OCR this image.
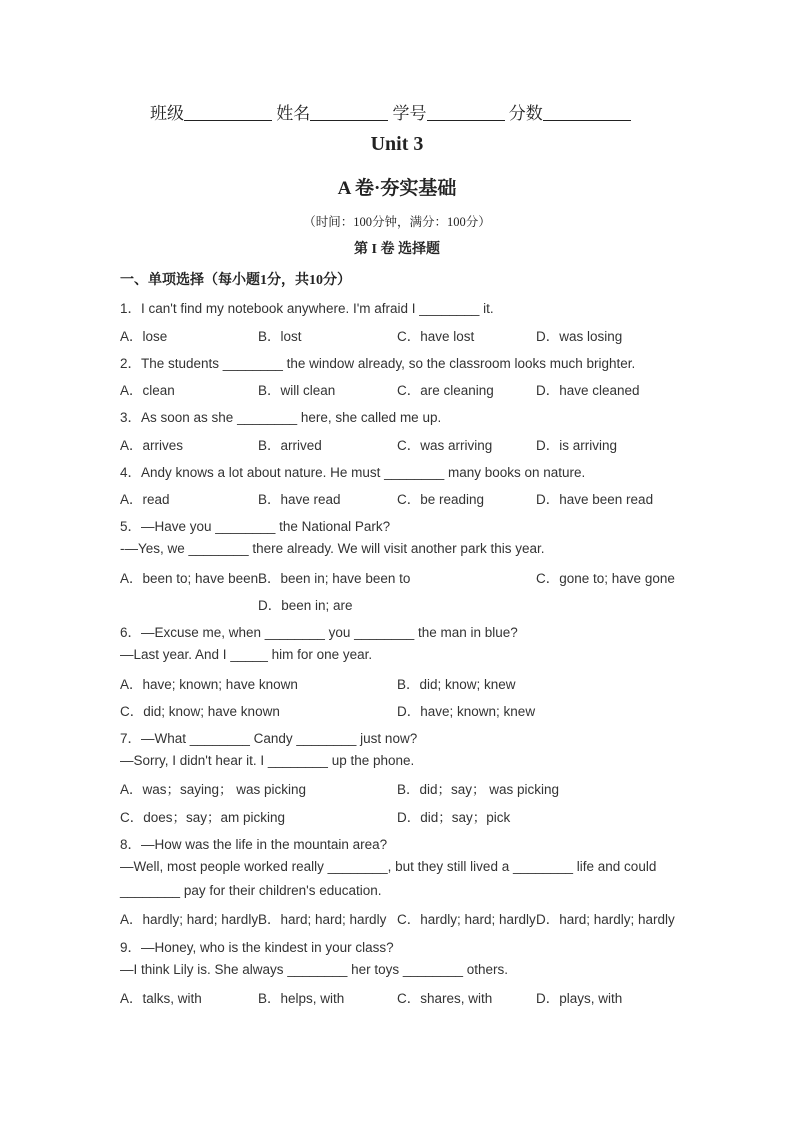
班级	姓名	学号	分数
Unit 3
A 卷·夯实基础
（时间：100分钟，满分：100分）
第 I 卷 选择题
一、单项选择（每小题1分，共10分）
1．I can't find my notebook anywhere. I'm afraid I ________ it.
A．lose	B．lost	C．have lost	D．was losing
2．The students ________ the window already, so the classroom looks much brighter.
A．clean	B．will clean	C．are cleaning	D．have cleaned
3．As soon as she ________ here, she called me up.
A．arrives	B．arrived	C．was arriving	D．is arriving
4．Andy knows a lot about nature. He must ________ many books on nature.
A．read	B．have read	C．be reading	D．have been read
5．—Have you ________ the National Park?
-—Yes, we ________ there already. We will visit another park this year.
A．been to; have been B．been in; have been to	C．gone to; have gone
D．been in; are
6．—Excuse me, when ________ you ________ the man in blue?
—Last year. And I _____ him for one year.
A．have; known; have known	B．did; know; knew
C．did; know; have known	D．have; known; knew
7．—What ________ Candy ________ just now?
—Sorry, I didn't hear it. I ________ up the phone.
A．was；saying； was picking	B．did；say； was picking
C．does；say；am picking	D．did；say；pick
8．—How was the life in the mountain area?
—Well, most people worked really ________, but they still lived a ________ life and could
________ pay for their children's education.
A．hardly; hard; hardly B．hard; hard; hardly C．hardly; hard; hardly D．hard; hardly; hardly
9．—Honey, who is the kindest in your class?
—I think Lily is. She always ________ her toys ________ others.
A．talks, with	B．helps, with	C．shares, with	D．plays, with
